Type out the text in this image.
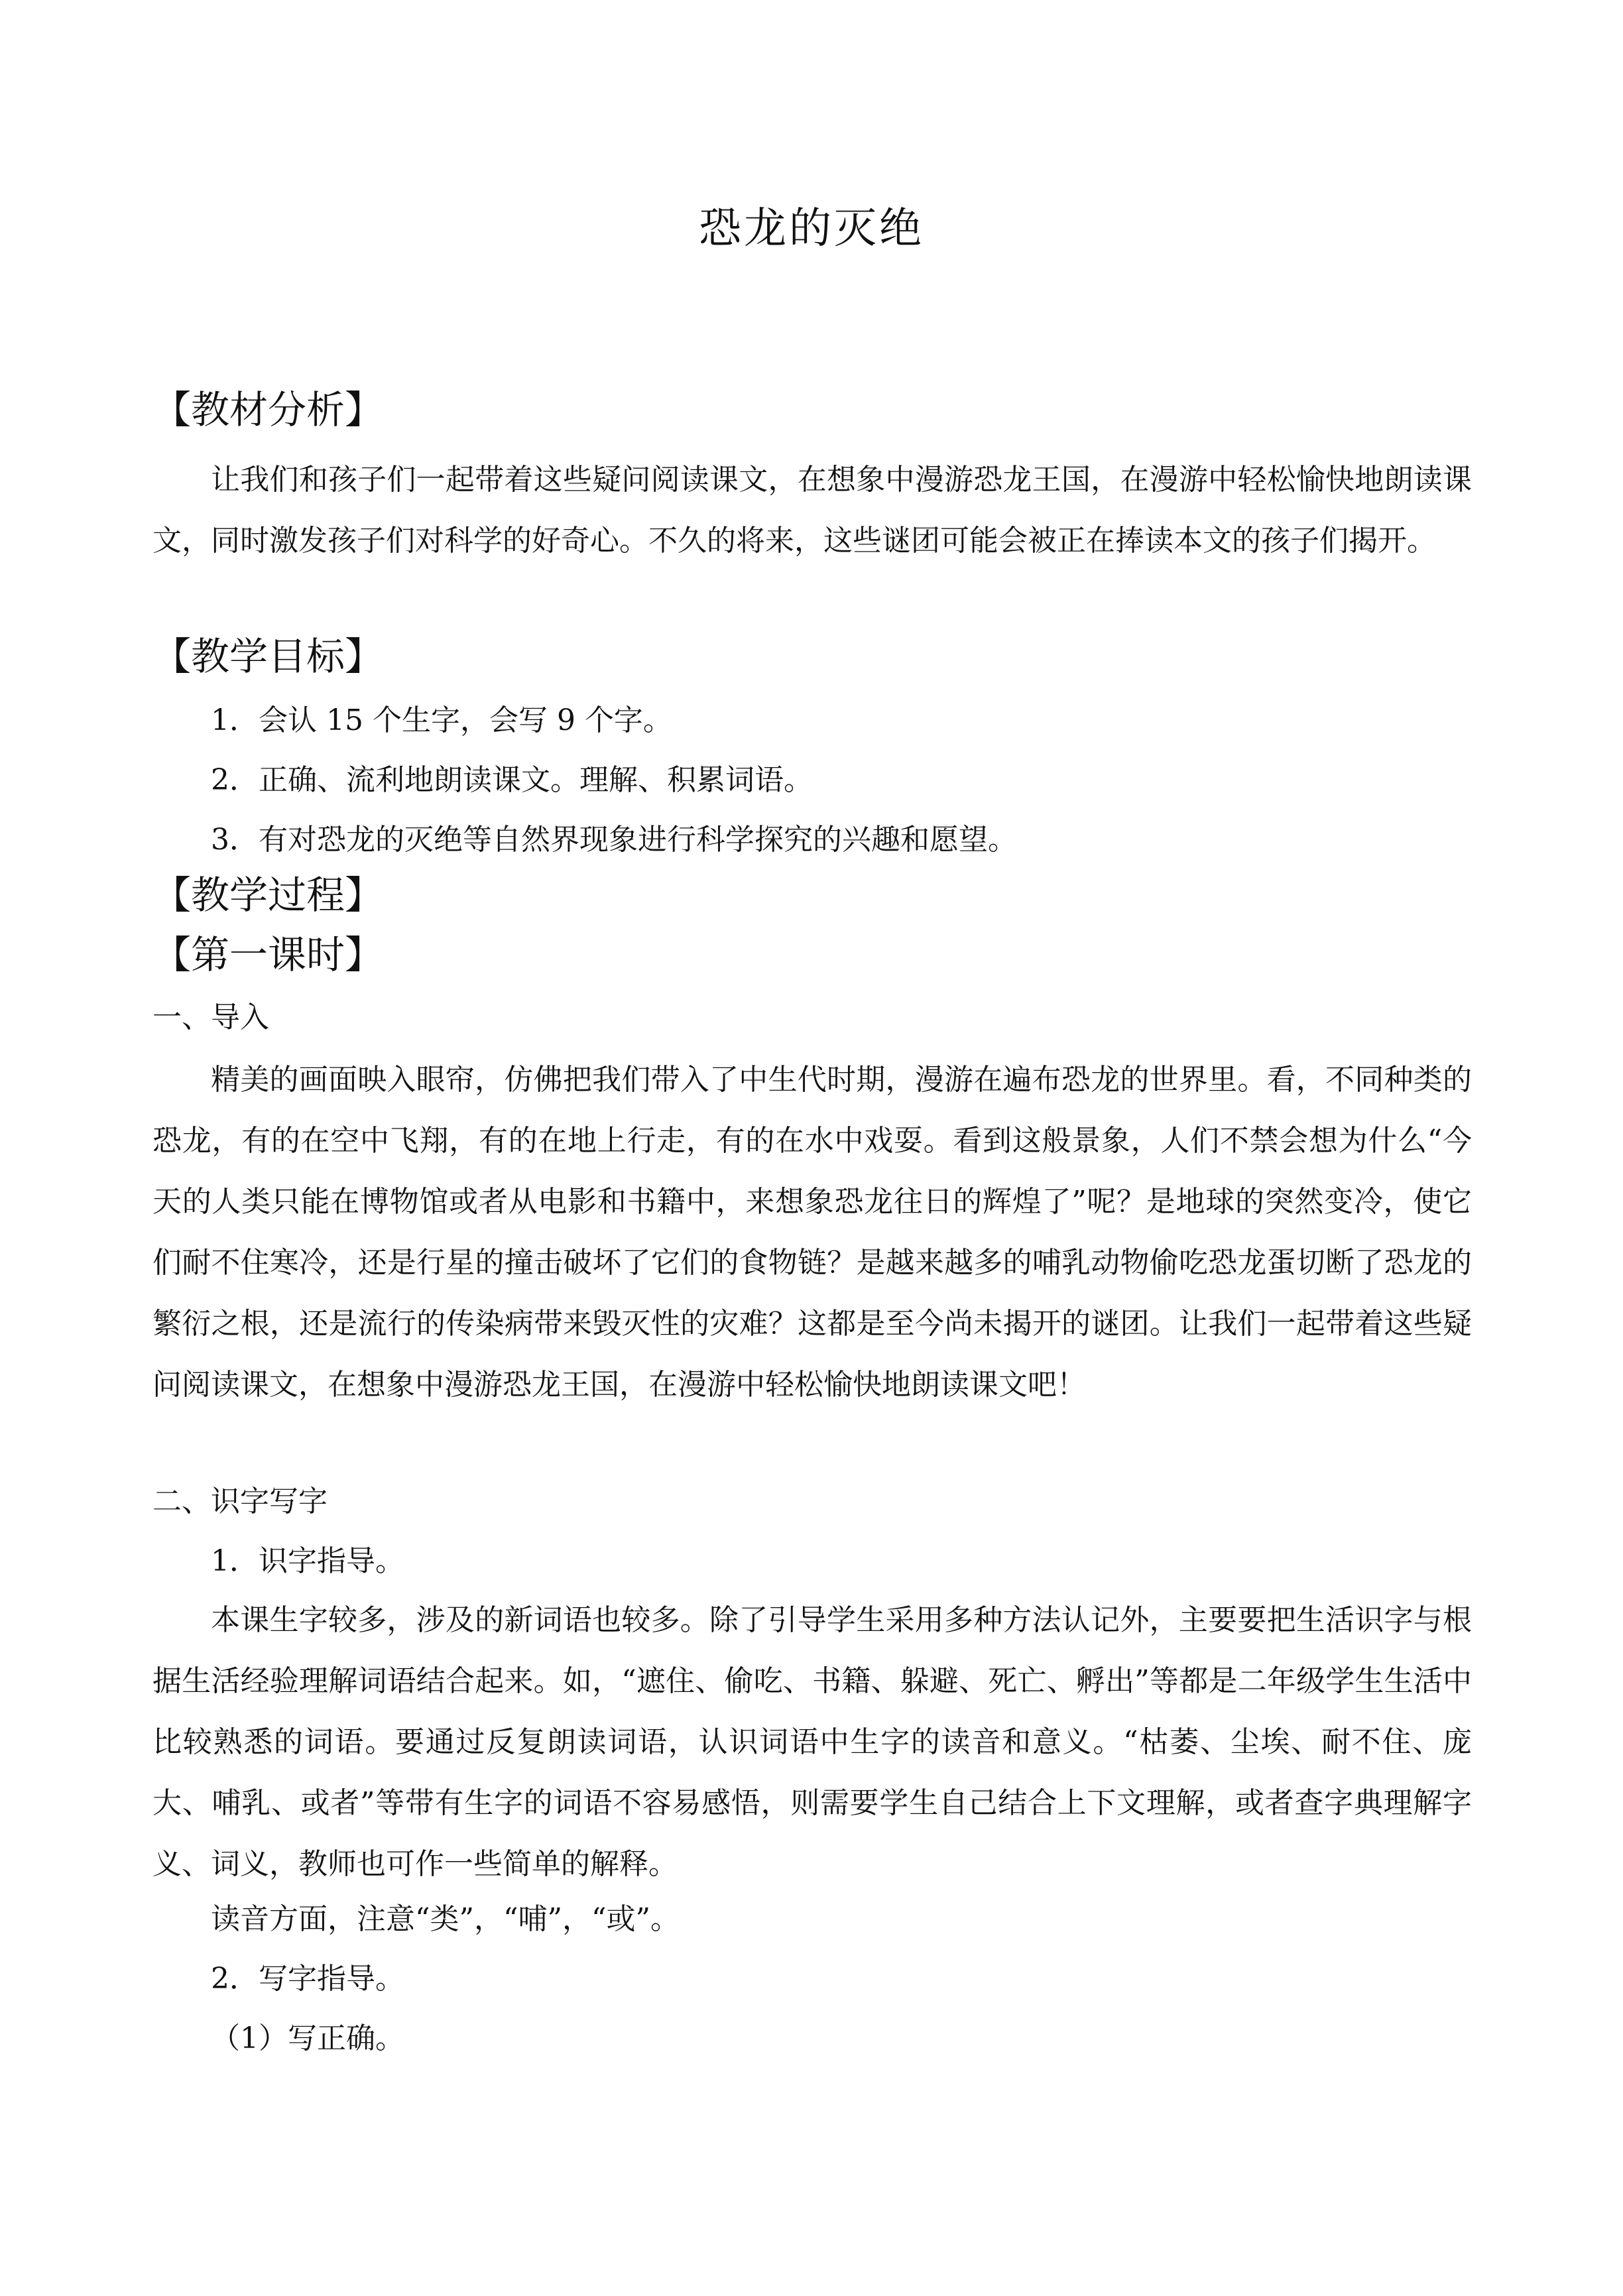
恐龙的灭绝
【教材分析】

让我们和孩子们一起带着这些疑问阅读课文，在想象中漫游恐龙王国，在漫游中轻松愉快地朗读课文，同时激发孩子们对科学的好奇心。不久的将来，这些谜团可能会被正在捧读本文的孩子们揭开。

【教学目标】
1．会认 15 个生字，会写 9 个字。
2．正确、流利地朗读课文。理解、积累词语。
3．有对恐龙的灭绝等自然界现象进行科学探究的兴趣和愿望。
【教学过程】
【第一课时】
一、导入

精美的画面映入眼帘，仿佛把我们带入了中生代时期，漫游在遍布恐龙的世界里。看，不同种类的恐龙，有的在空中飞翔，有的在地上行走，有的在水中戏耍。看到这般景象，人们不禁会想为什么“今天的人类只能在博物馆或者从电影和书籍中，来想象恐龙往日的辉煌了”呢？是地球的突然变冷，使它们耐不住寒冷，还是行星的撞击破坏了它们的食物链？是越来越多的哺乳动物偷吃恐龙蛋切断了恐龙的繁衍之根，还是流行的传染病带来毁灭性的灾难？这都是至今尚未揭开的谜团。让我们一起带着这些疑问阅读课文，在想象中漫游恐龙王国，在漫游中轻松愉快地朗读课文吧！

二、识字写字
1．识字指导。

本课生字较多，涉及的新词语也较多。除了引导学生采用多种方法认记外，主要要把生活识字与根据生活经验理解词语结合起来。如，“遮住、偷吃、书籍、躲避、死亡、孵出”等都是二年级学生生活中比较熟悉的词语。要通过反复朗读词语，认识词语中生字的读音和意义。“枯萎、尘埃、耐不住、庞大、哺乳、或者”等带有生字的词语不容易感悟，则需要学生自己结合上下文理解，或者查字典理解字义、词义，教师也可作一些简单的解释。

读音方面，注意“类”，“哺”，“或”。
2．写字指导。
（1）写正确。
